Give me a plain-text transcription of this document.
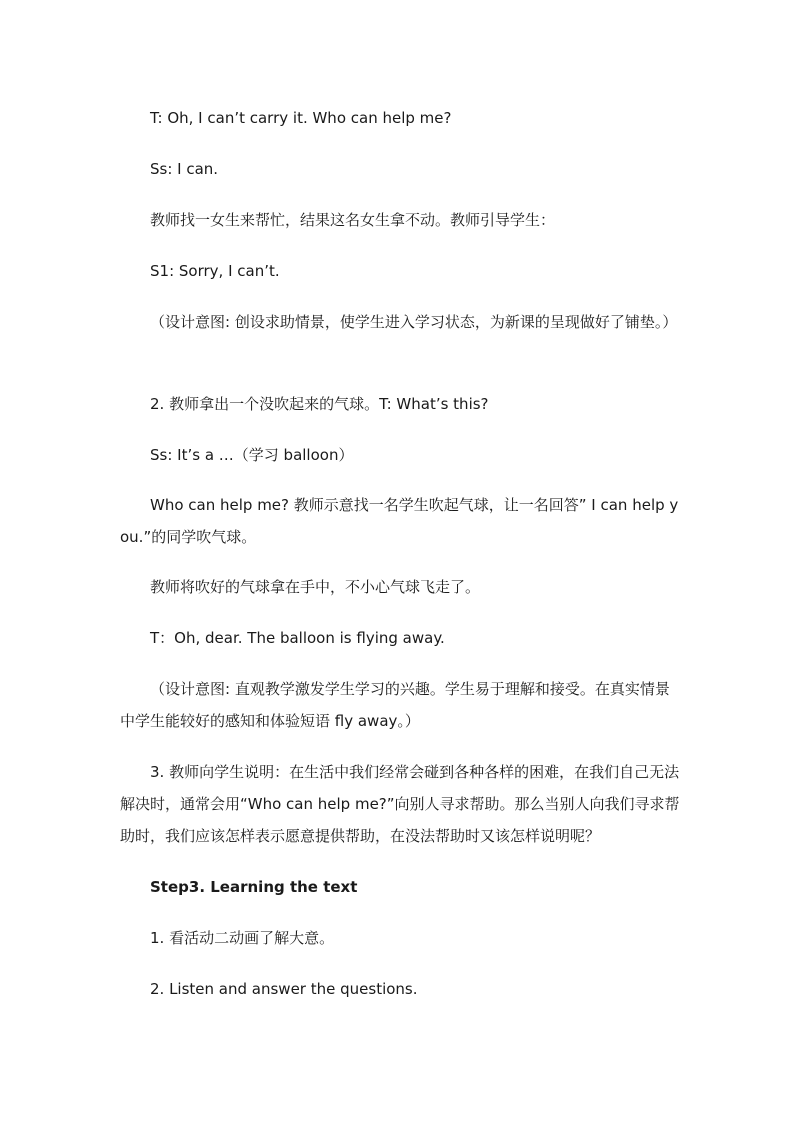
T: Oh, I can’t carry it. Who can help me?
Ss: I can.
教师找一女生来帮忙，结果这名女生拿不动。教师引导学生：
S1: Sorry, I can’t.
（设计意图: 创设求助情景，使学生进入学习状态，为新课的呈现做好了铺垫。）
2. 教师拿出一个没吹起来的气球。T: What’s this?
Ss: It’s a …（学习 balloon）
Who can help me? 教师示意找一名学生吹起气球，让一名回答” I can help you.”的同学吹气球。
教师将吹好的气球拿在手中，不小心气球飞走了。
T：Oh, dear. The balloon is flying away.
（设计意图: 直观教学激发学生学习的兴趣。学生易于理解和接受。在真实情景中学生能较好的感知和体验短语 fly away。）
3. 教师向学生说明：在生活中我们经常会碰到各种各样的困难，在我们自己无法解决时，通常会用“Who can help me?”向别人寻求帮助。那么当别人向我们寻求帮助时，我们应该怎样表示愿意提供帮助，在没法帮助时又该怎样说明呢？
Step3. Learning the text
1. 看活动二动画了解大意。
2. Listen and answer the questions.
